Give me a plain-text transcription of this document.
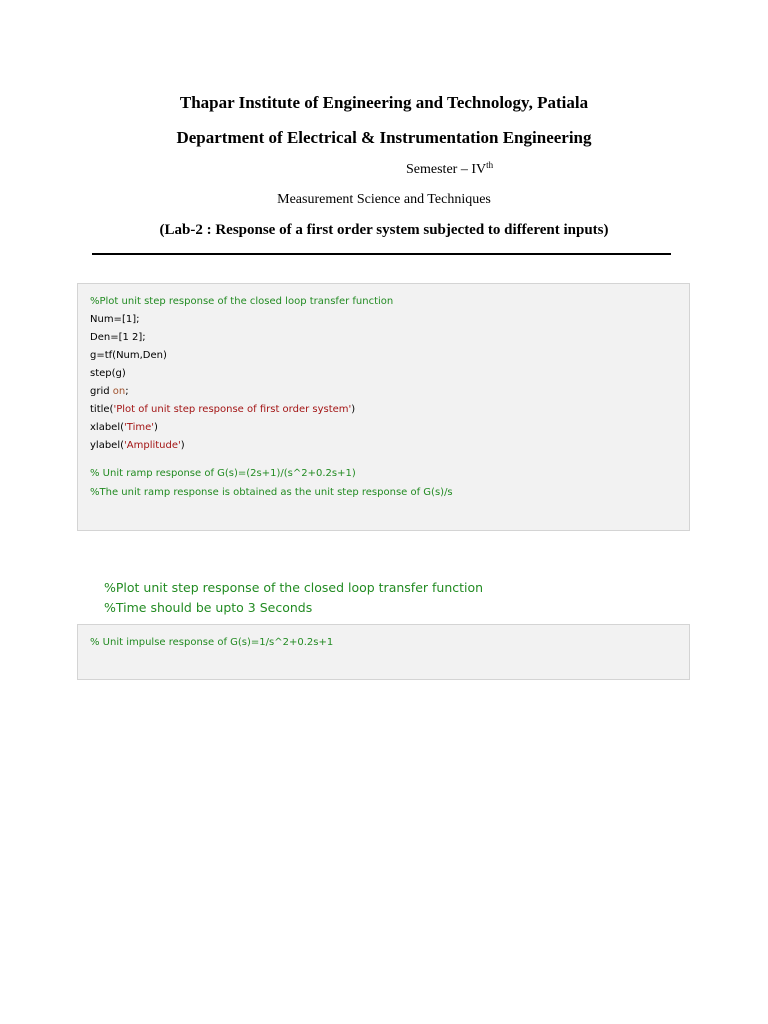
Thapar Institute of Engineering and Technology, Patiala
Department of Electrical & Instrumentation Engineering
Semester – IVth
Measurement Science and Techniques
(Lab-2 : Response of a first order system subjected to different inputs)
%Plot unit step response of the closed loop transfer function
Num=[1];
Den=[1 2];
g=tf(Num,Den)
step(g)
grid on;
title('Plot of unit step response of first order system')
xlabel('Time')
ylabel('Amplitude')
% Unit ramp response of G(s)=(2s+1)/(s^2+0.2s+1)
%The unit ramp response is obtained as the unit step response of G(s)/s
%Plot unit step response of the closed loop transfer function
%Time should be upto 3 Seconds
% Unit impulse response of G(s)=1/s^2+0.2s+1
